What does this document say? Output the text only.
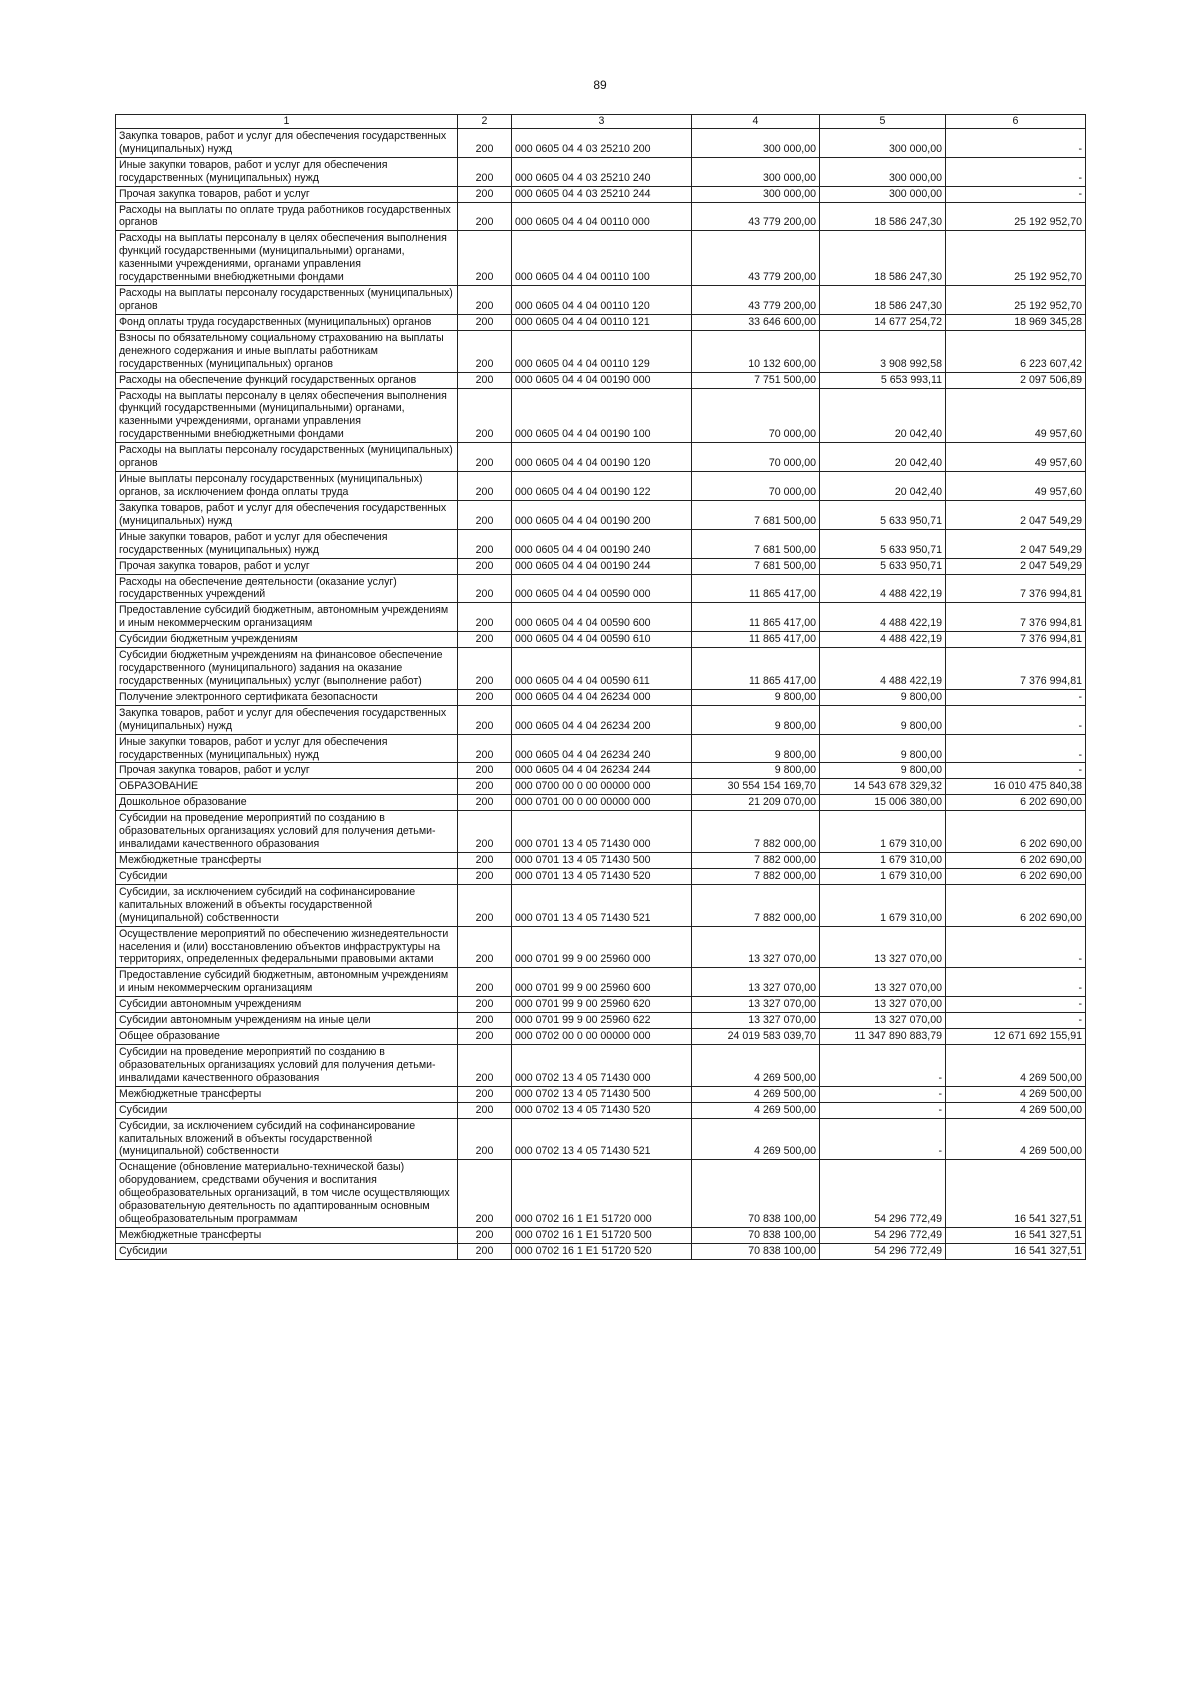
89
1	2	3	4	5	6
Закупка товаров, работ и услуг для обеспечения государственных (муниципальных) нужд	200	000 0605 04 4 03 25210 200	300 000,00	300 000,00	-
Иные закупки товаров, работ и услуг для обеспечения государственных (муниципальных) нужд	200	000 0605 04 4 03 25210 240	300 000,00	300 000,00	-
Прочая закупка товаров, работ и услуг	200	000 0605 04 4 03 25210 244	300 000,00	300 000,00	-
Расходы на выплаты по оплате труда работников государственных органов	200	000 0605 04 4 04 00110 000	43 779 200,00	18 586 247,30	25 192 952,70
Расходы на выплаты персоналу в целях обеспечения выполнения функций государственными (муниципальными) органами, казенными учреждениями, органами управления государственными внебюджетными фондами	200	000 0605 04 4 04 00110 100	43 779 200,00	18 586 247,30	25 192 952,70
Расходы на выплаты персоналу государственных (муниципальных) органов	200	000 0605 04 4 04 00110 120	43 779 200,00	18 586 247,30	25 192 952,70
Фонд оплаты труда государственных (муниципальных) органов	200	000 0605 04 4 04 00110 121	33 646 600,00	14 677 254,72	18 969 345,28
Взносы по обязательному социальному страхованию на выплаты денежного содержания и иные выплаты работникам государственных (муниципальных) органов	200	000 0605 04 4 04 00110 129	10 132 600,00	3 908 992,58	6 223 607,42
Расходы на обеспечение функций государственных органов	200	000 0605 04 4 04 00190 000	7 751 500,00	5 653 993,11	2 097 506,89
Расходы на выплаты персоналу в целях обеспечения выполнения функций государственными (муниципальными) органами, казенными учреждениями, органами управления государственными внебюджетными фондами	200	000 0605 04 4 04 00190 100	70 000,00	20 042,40	49 957,60
Расходы на выплаты персоналу государственных (муниципальных) органов	200	000 0605 04 4 04 00190 120	70 000,00	20 042,40	49 957,60
Иные выплаты персоналу государственных (муниципальных) органов, за исключением фонда оплаты труда	200	000 0605 04 4 04 00190 122	70 000,00	20 042,40	49 957,60
Закупка товаров, работ и услуг для обеспечения государственных (муниципальных) нужд	200	000 0605 04 4 04 00190 200	7 681 500,00	5 633 950,71	2 047 549,29
Иные закупки товаров, работ и услуг для обеспечения государственных (муниципальных) нужд	200	000 0605 04 4 04 00190 240	7 681 500,00	5 633 950,71	2 047 549,29
Прочая закупка товаров, работ и услуг	200	000 0605 04 4 04 00190 244	7 681 500,00	5 633 950,71	2 047 549,29
Расходы на обеспечение деятельности (оказание услуг) государственных учреждений	200	000 0605 04 4 04 00590 000	11 865 417,00	4 488 422,19	7 376 994,81
Предоставление субсидий бюджетным, автономным учреждениям и иным некоммерческим организациям	200	000 0605 04 4 04 00590 600	11 865 417,00	4 488 422,19	7 376 994,81
Субсидии бюджетным учреждениям	200	000 0605 04 4 04 00590 610	11 865 417,00	4 488 422,19	7 376 994,81
Субсидии бюджетным учреждениям на финансовое обеспечение государственного (муниципального) задания на оказание государственных (муниципальных) услуг (выполнение работ)	200	000 0605 04 4 04 00590 611	11 865 417,00	4 488 422,19	7 376 994,81
Получение электронного сертификата безопасности	200	000 0605 04 4 04 26234 000	9 800,00	9 800,00	-
Закупка товаров, работ и услуг для обеспечения государственных (муниципальных) нужд	200	000 0605 04 4 04 26234 200	9 800,00	9 800,00	-
Иные закупки товаров, работ и услуг для обеспечения государственных (муниципальных) нужд	200	000 0605 04 4 04 26234 240	9 800,00	9 800,00	-
Прочая закупка товаров, работ и услуг	200	000 0605 04 4 04 26234 244	9 800,00	9 800,00	-
ОБРАЗОВАНИЕ	200	000 0700 00 0 00 00000 000	30 554 154 169,70	14 543 678 329,32	16 010 475 840,38
Дошкольное образование	200	000 0701 00 0 00 00000 000	21 209 070,00	15 006 380,00	6 202 690,00
Субсидии на проведение мероприятий по созданию в образовательных организациях условий для получения детьми-инвалидами качественного образования	200	000 0701 13 4 05 71430 000	7 882 000,00	1 679 310,00	6 202 690,00
Межбюджетные трансферты	200	000 0701 13 4 05 71430 500	7 882 000,00	1 679 310,00	6 202 690,00
Субсидии	200	000 0701 13 4 05 71430 520	7 882 000,00	1 679 310,00	6 202 690,00
Субсидии, за исключением субсидий на софинансирование капитальных вложений в объекты государственной (муниципальной) собственности	200	000 0701 13 4 05 71430 521	7 882 000,00	1 679 310,00	6 202 690,00
Осуществление мероприятий по обеспечению жизнедеятельности населения и (или) восстановлению объектов инфраструктуры на территориях, определенных федеральными правовыми актами	200	000 0701 99 9 00 25960 000	13 327 070,00	13 327 070,00	-
Предоставление субсидий бюджетным, автономным учреждениям и иным некоммерческим организациям	200	000 0701 99 9 00 25960 600	13 327 070,00	13 327 070,00	-
Субсидии автономным учреждениям	200	000 0701 99 9 00 25960 620	13 327 070,00	13 327 070,00	-
Субсидии автономным учреждениям на иные цели	200	000 0701 99 9 00 25960 622	13 327 070,00	13 327 070,00	-
Общее образование	200	000 0702 00 0 00 00000 000	24 019 583 039,70	11 347 890 883,79	12 671 692 155,91
Субсидии на проведение мероприятий по созданию в образовательных организациях условий для получения детьми-инвалидами качественного образования	200	000 0702 13 4 05 71430 000	4 269 500,00	-	4 269 500,00
Межбюджетные трансферты	200	000 0702 13 4 05 71430 500	4 269 500,00	-	4 269 500,00
Субсидии	200	000 0702 13 4 05 71430 520	4 269 500,00	-	4 269 500,00
Субсидии, за исключением субсидий на софинансирование капитальных вложений в объекты государственной (муниципальной) собственности	200	000 0702 13 4 05 71430 521	4 269 500,00	-	4 269 500,00
Оснащение (обновление материально-технической базы) оборудованием, средствами обучения и воспитания общеобразовательных организаций, в том числе осуществляющих образовательную деятельность по адаптированным основным общеобразовательным программам	200	000 0702 16 1 E1 51720 000	70 838 100,00	54 296 772,49	16 541 327,51
Межбюджетные трансферты	200	000 0702 16 1 E1 51720 500	70 838 100,00	54 296 772,49	16 541 327,51
Субсидии	200	000 0702 16 1 E1 51720 520	70 838 100,00	54 296 772,49	16 541 327,51
